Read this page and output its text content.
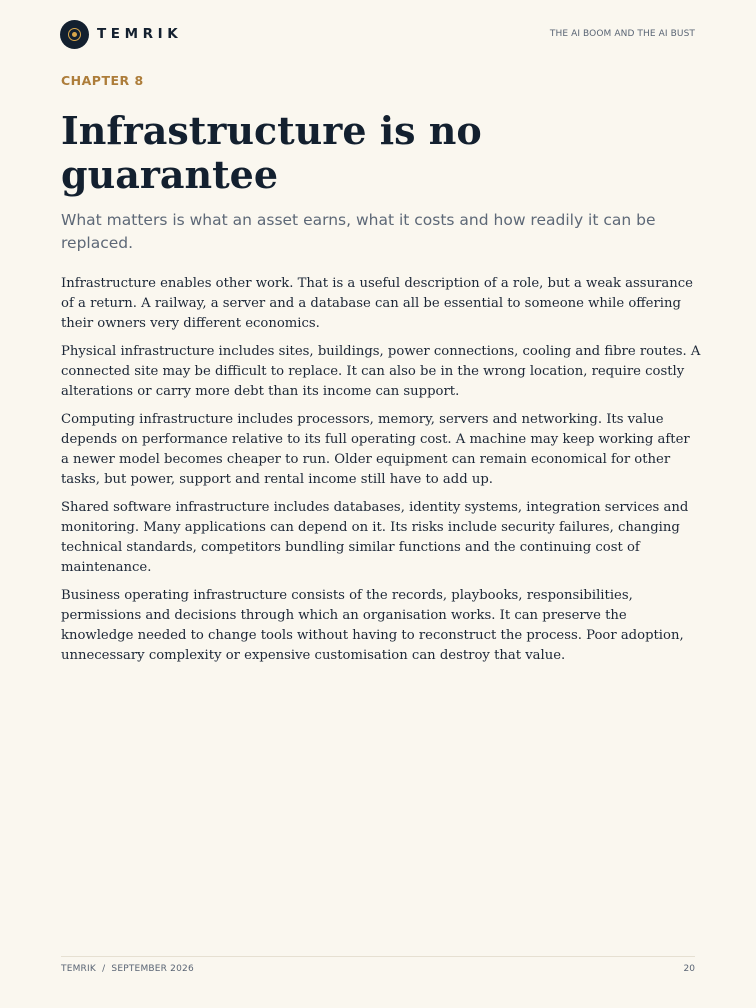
TEMRIK	THE AI BOOM AND THE AI BUST
CHAPTER 8
Infrastructure is no guarantee

What matters is what an asset earns, what it costs and how readily it can be replaced.

Infrastructure enables other work. That is a useful description of a role, but a weak assurance of a return. A railway, a server and a database can all be essential to someone while offering their owners very different economics.

Physical infrastructure includes sites, buildings, power connections, cooling and fibre routes. A connected site may be difficult to replace. It can also be in the wrong location, require costly alterations or carry more debt than its income can support.

Computing infrastructure includes processors, memory, servers and networking. Its value depends on performance relative to its full operating cost. A machine may keep working after a newer model becomes cheaper to run. Older equipment can remain economical for other tasks, but power, support and rental income still have to add up.

Shared software infrastructure includes databases, identity systems, integration services and monitoring. Many applications can depend on it. Its risks include security failures, changing technical standards, competitors bundling similar functions and the continuing cost of maintenance.

Business operating infrastructure consists of the records, playbooks, responsibilities, permissions and decisions through which an organisation works. It can preserve the knowledge needed to change tools without having to reconstruct the process. Poor adoption, unnecessary complexity or expensive customisation can destroy that value.

TEMRIK  /  SEPTEMBER 2026	20
